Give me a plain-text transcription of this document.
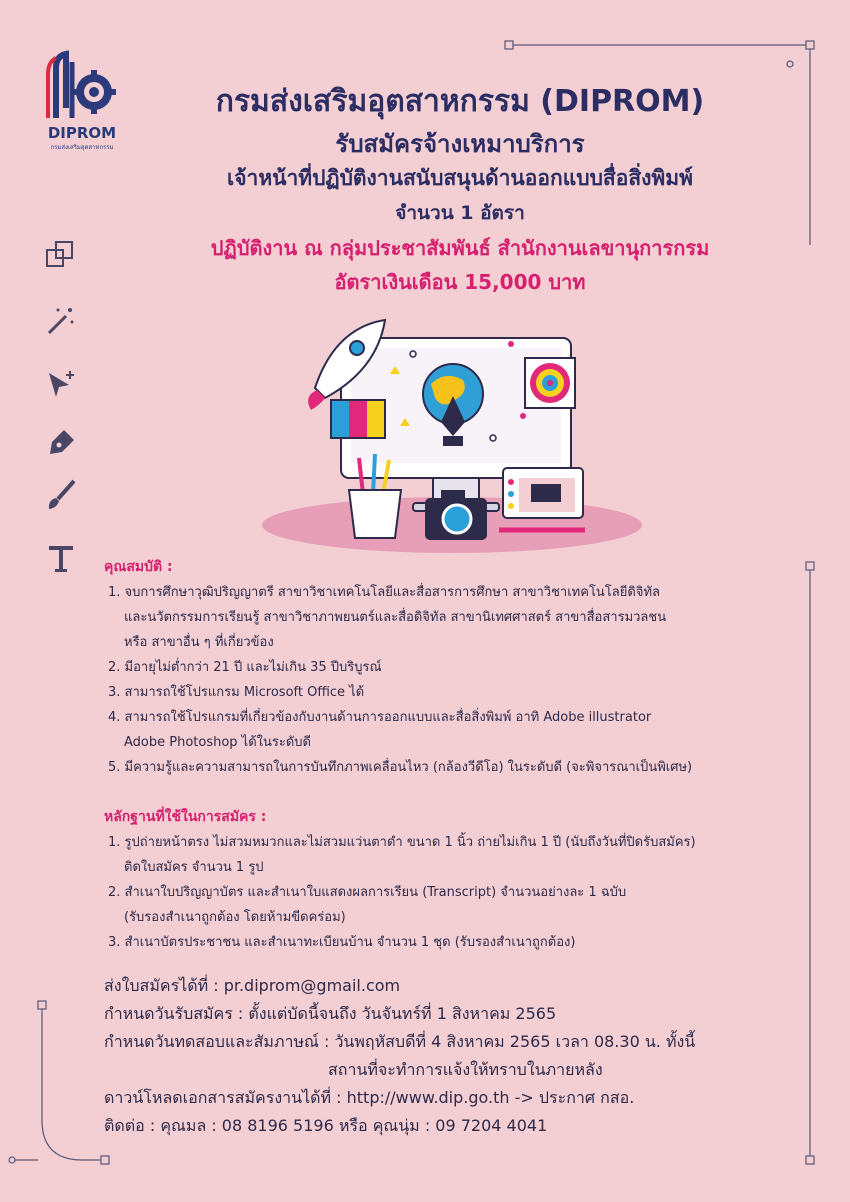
DIPROM
กรมส่งเสริมอุตสาหกรรม
กรมส่งเสริมอุตสาหกรรม (DIPROM)
รับสมัครจ้างเหมาบริการ
เจ้าหน้าที่ปฏิบัติงานสนับสนุนด้านออกแบบสื่อสิ่งพิมพ์
จำนวน 1 อัตรา
ปฏิบัติงาน ณ กลุ่มประชาสัมพันธ์ สำนักงานเลขานุการกรม
อัตราเงินเดือน 15,000 บาท
คุณสมบัติ :
1. จบการศึกษาวุฒิปริญญาตรี สาขาวิชาเทคโนโลยีและสื่อสารการศึกษา สาขาวิชาเทคโนโลยีดิจิทัล
และนวัตกรรมการเรียนรู้ สาขาวิชาภาพยนตร์และสื่อดิจิทัล สาขานิเทศศาสตร์ สาขาสื่อสารมวลชน
หรือ สาขาอื่น ๆ ที่เกี่ยวข้อง
2. มีอายุไม่ต่ำกว่า 21 ปี และไม่เกิน 35 ปีบริบูรณ์
3. สามารถใช้โปรแกรม Microsoft Office ได้
4. สามารถใช้โปรแกรมที่เกี่ยวข้องกับงานด้านการออกแบบและสื่อสิ่งพิมพ์ อาทิ Adobe illustrator
Adobe Photoshop ได้ในระดับดี
5. มีความรู้และความสามารถในการบันทึกภาพเคลื่อนไหว (กล้องวีดีโอ) ในระดับดี (จะพิจารณาเป็นพิเศษ)
หลักฐานที่ใช้ในการสมัคร :
1. รูปถ่ายหน้าตรง ไม่สวมหมวกและไม่สวมแว่นตาดำ ขนาด 1 นิ้ว ถ่ายไม่เกิน 1 ปี (นับถึงวันที่ปิดรับสมัคร)
ติดใบสมัคร จำนวน 1 รูป
2. สำเนาใบปริญญาบัตร และสำเนาใบแสดงผลการเรียน (Transcript) จำนวนอย่างละ 1 ฉบับ
(รับรองสำเนาถูกต้อง โดยห้ามขีดคร่อม)
3. สำเนาบัตรประชาชน และสำเนาทะเบียนบ้าน จำนวน 1 ชุด (รับรองสำเนาถูกต้อง)
ส่งใบสมัครได้ที่ : pr.diprom@gmail.com
กำหนดวันรับสมัคร : ตั้งแต่บัดนี้จนถึง วันจันทร์ที่ 1 สิงหาคม 2565
กำหนดวันทดสอบและสัมภาษณ์ : วันพฤหัสบดีที่ 4 สิงหาคม 2565 เวลา 08.30 น. ทั้งนี้
สถานที่จะทำการแจ้งให้ทราบในภายหลัง
ดาวน์โหลดเอกสารสมัครงานได้ที่ : http://www.dip.go.th -> ประกาศ กสอ.
ติดต่อ : คุณมล : 08 8196 5196 หรือ คุณนุ่ม : 09 7204 4041
